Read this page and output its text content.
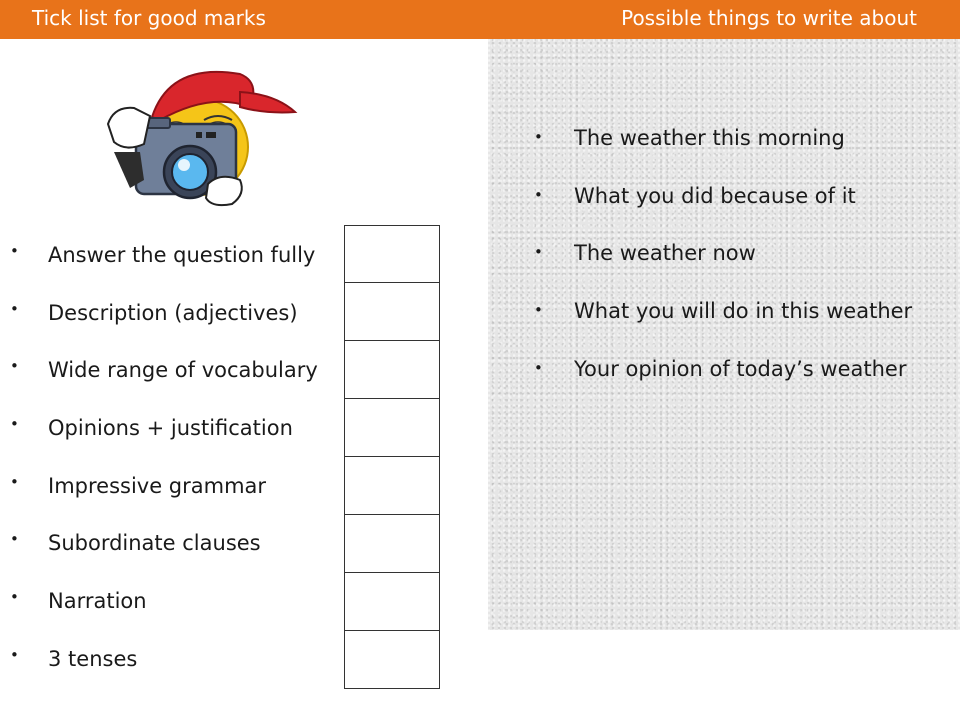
Tick list for good marks	Possible things to write about
• Answer the question fully
• Description (adjectives)
• Wide range of vocabulary
• Opinions + justification
• Impressive grammar
• Subordinate clauses
• Narration
• 3 tenses
• The weather this morning
• What you did because of it
• The weather now
• What you will do in this weather
• Your opinion of today’s weather
